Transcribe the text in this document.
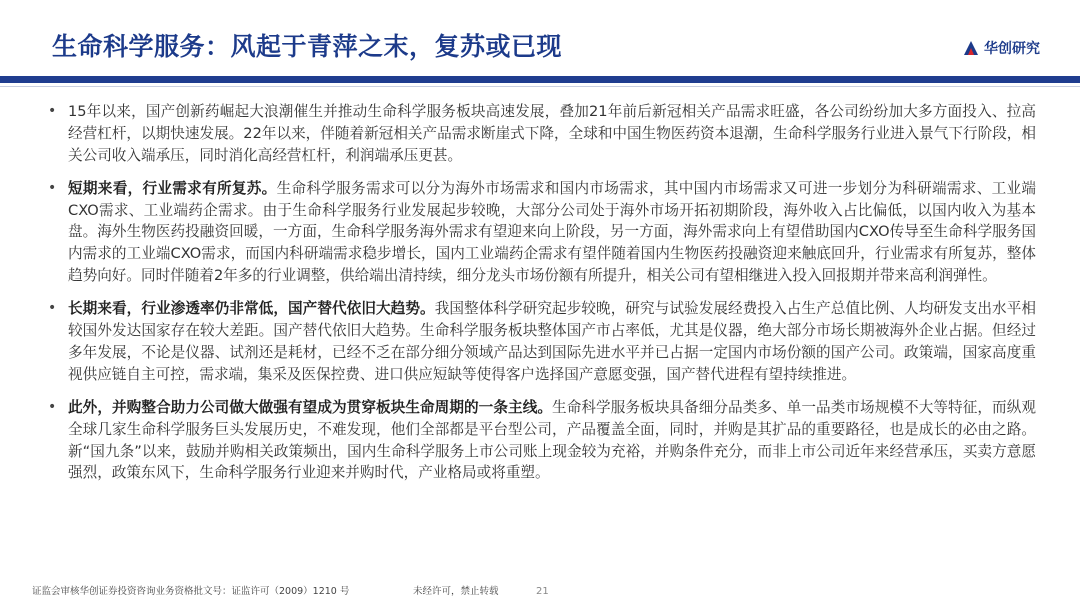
生命科学服务：风起于青萍之末，复苏或已现	华创研究
• 15年以来，国产创新药崛起大浪潮催生并推动生命科学服务板块高速发展，叠加21年前后新冠相关产品需求旺盛，各公司纷纷加大多方面投入、拉高经营杠杆，以期快速发展。22年以来，伴随着新冠相关产品需求断崖式下降，全球和中国生物医药资本退潮，生命科学服务行业进入景气下行阶段，相关公司收入端承压，同时消化高经营杠杆，利润端承压更甚。
• 短期来看，行业需求有所复苏。生命科学服务需求可以分为海外市场需求和国内市场需求，其中国内市场需求又可进一步划分为科研端需求、工业端CXO需求、工业端药企需求。由于生命科学服务行业发展起步较晚，大部分公司处于海外市场开拓初期阶段，海外收入占比偏低，以国内收入为基本盘。海外生物医药投融资回暖，一方面，生命科学服务海外需求有望迎来向上阶段，另一方面，海外需求向上有望借助国内CXO传导至生命科学服务国内需求的工业端CXO需求，而国内科研端需求稳步增长，国内工业端药企需求有望伴随着国内生物医药投融资迎来触底回升，行业需求有所复苏，整体趋势向好。同时伴随着2年多的行业调整，供给端出清持续，细分龙头市场份额有所提升，相关公司有望相继进入投入回报期并带来高利润弹性。
• 长期来看，行业渗透率仍非常低，国产替代依旧大趋势。我国整体科学研究起步较晚，研究与试验发展经费投入占生产总值比例、人均研发支出水平相较国外发达国家存在较大差距。国产替代依旧大趋势。生命科学服务板块整体国产市占率低，尤其是仪器，绝大部分市场长期被海外企业占据。但经过多年发展，不论是仪器、试剂还是耗材，已经不乏在部分细分领域产品达到国际先进水平并已占据一定国内市场份额的国产公司。政策端，国家高度重视供应链自主可控，需求端，集采及医保控费、进口供应短缺等使得客户选择国产意愿变强，国产替代进程有望持续推进。
• 此外，并购整合助力公司做大做强有望成为贯穿板块生命周期的一条主线。生命科学服务板块具备细分品类多、单一品类市场规模不大等特征，而纵观全球几家生命科学服务巨头发展历史，不难发现，他们全部都是平台型公司，产品覆盖全面，同时，并购是其扩品的重要路径，也是成长的必由之路。新“国九条”以来，鼓励并购相关政策频出，国内生命科学服务上市公司账上现金较为充裕，并购条件充分，而非上市公司近年来经营承压，买卖方意愿强烈，政策东风下，生命科学服务行业迎来并购时代，产业格局或将重塑。
证监会审核华创证券投资咨询业务资格批文号：证监许可（2009）1210 号	未经许可，禁止转载	21
